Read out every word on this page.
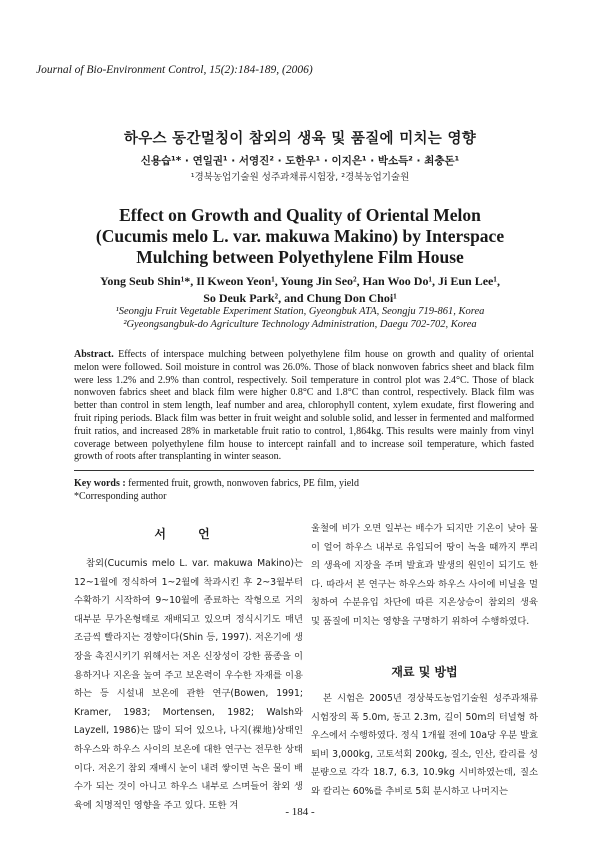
Journal of Bio-Environment Control, 15(2):184-189, (2006)
하우스 동간멀칭이 참외의 생육 및 품질에 미치는 영향
신용습¹* · 연일권¹ · 서영진² · 도한우¹ · 이지은¹ · 박소득² · 최충돈¹
¹경북농업기술원 성주과채류시험장, ²경북농업기술원
Effect on Growth and Quality of Oriental Melon
(Cucumis melo L. var. makuwa Makino) by Interspace
Mulching between Polyethylene Film House
Yong Seub Shin¹*, Il Kweon Yeon¹, Young Jin Seo², Han Woo Do¹, Ji Eun Lee¹,
So Deuk Park², and Chung Don Choi¹
¹Seongju Fruit Vegetable Experiment Station, Gyeongbuk ATA, Seongju 719-861, Korea
²Gyeongsangbuk-do Agriculture Technology Administration, Daegu 702-702, Korea
Abstract. Effects of interspace mulching between polyethylene film house on growth and quality of oriental melon were followed. Soil moisture in control was 26.0%. Those of black nonwoven fabrics sheet and black film were less 1.2% and 2.9% than control, respectively. Soil temperature in control plot was 2.4°C. Those of black nonwoven fabrics sheet and black film were higher 0.8°C and 1.8°C than control, respectively. Black film was better than control in stem length, leaf number and area, chlorophyll content, xylem exudate, first flowering and fruit riping periods. Black film was better in fruit weight and soluble solid, and lesser in fermented and malformed fruit ratios, and increased 28% in marketable fruit ratio to control, 1,864kg. This results were mainly from vinyl coverage between polyethylene film house to intercept rainfall and to increase soil temperature, which fasted growth of roots after transplanting in winter season.
Key words : fermented fruit, growth, nonwoven fabrics, PE film, yield
*Corresponding author
서 언
참외(Cucumis melo L. var. makuwa Makino)는 12~1월에 정식하여 1~2월에 착과시킨 후 2~3월부터 수확하기 시작하여 9~10월에 종료하는 작형으로 거의 대부분 무가온형태로 재배되고 있으며 정식시기도 매년 조금씩 빨라지는 경향이다(Shin 등, 1997). 저온기에 생장을 촉진시키기 위해서는 저온 신장성이 강한 품종을 이용하거나 지온을 높여 주고 보온력이 우수한 자재를 이용하는 등 시설내 보온에 관한 연구(Bowen, 1991; Kramer, 1983; Mortensen, 1982; Walsh와 Layzell, 1986)는 많이 되어 있으나, 나지(裸地)상태인 하우스와 하우스 사이의 보온에 대한 연구는 전무한 상태이다. 저온기 참외 재배시 눈이 내려 쌓이면 녹은 물이 배수가 되는 것이 아니고 하우스 내부로 스며들어 참외 생육에 치명적인 영향을 주고 있다. 또한 겨
울철에 비가 오면 일부는 배수가 되지만 기온이 낮아 물이 얼어 하우스 내부로 유입되어 땅이 녹을 때까지 뿌리의 생육에 지장을 주며 발효과 발생의 원인이 되기도 한다. 따라서 본 연구는 하우스와 하우스 사이에 비닐을 멀칭하여 수분유입 차단에 따른 지온상승이 참외의 생육 및 품질에 미치는 영향을 구명하기 위하여 수행하였다.
재료 및 방법
본 시험은 2005년 경상북도농업기술원 성주과채류시험장의 폭 5.0m, 동고 2.3m, 길이 50m의 터널형 하우스에서 수행하였다. 정식 1개월 전에 10a당 우분 발효퇴비 3,000kg, 고토석회 200kg, 질소, 인산, 칼리를 성분량으로 각각 18.7, 6.3, 10.9kg 시비하였는데, 질소와 칼리는 60%를 추비로 5회 분시하고 나머지는
- 184 -
